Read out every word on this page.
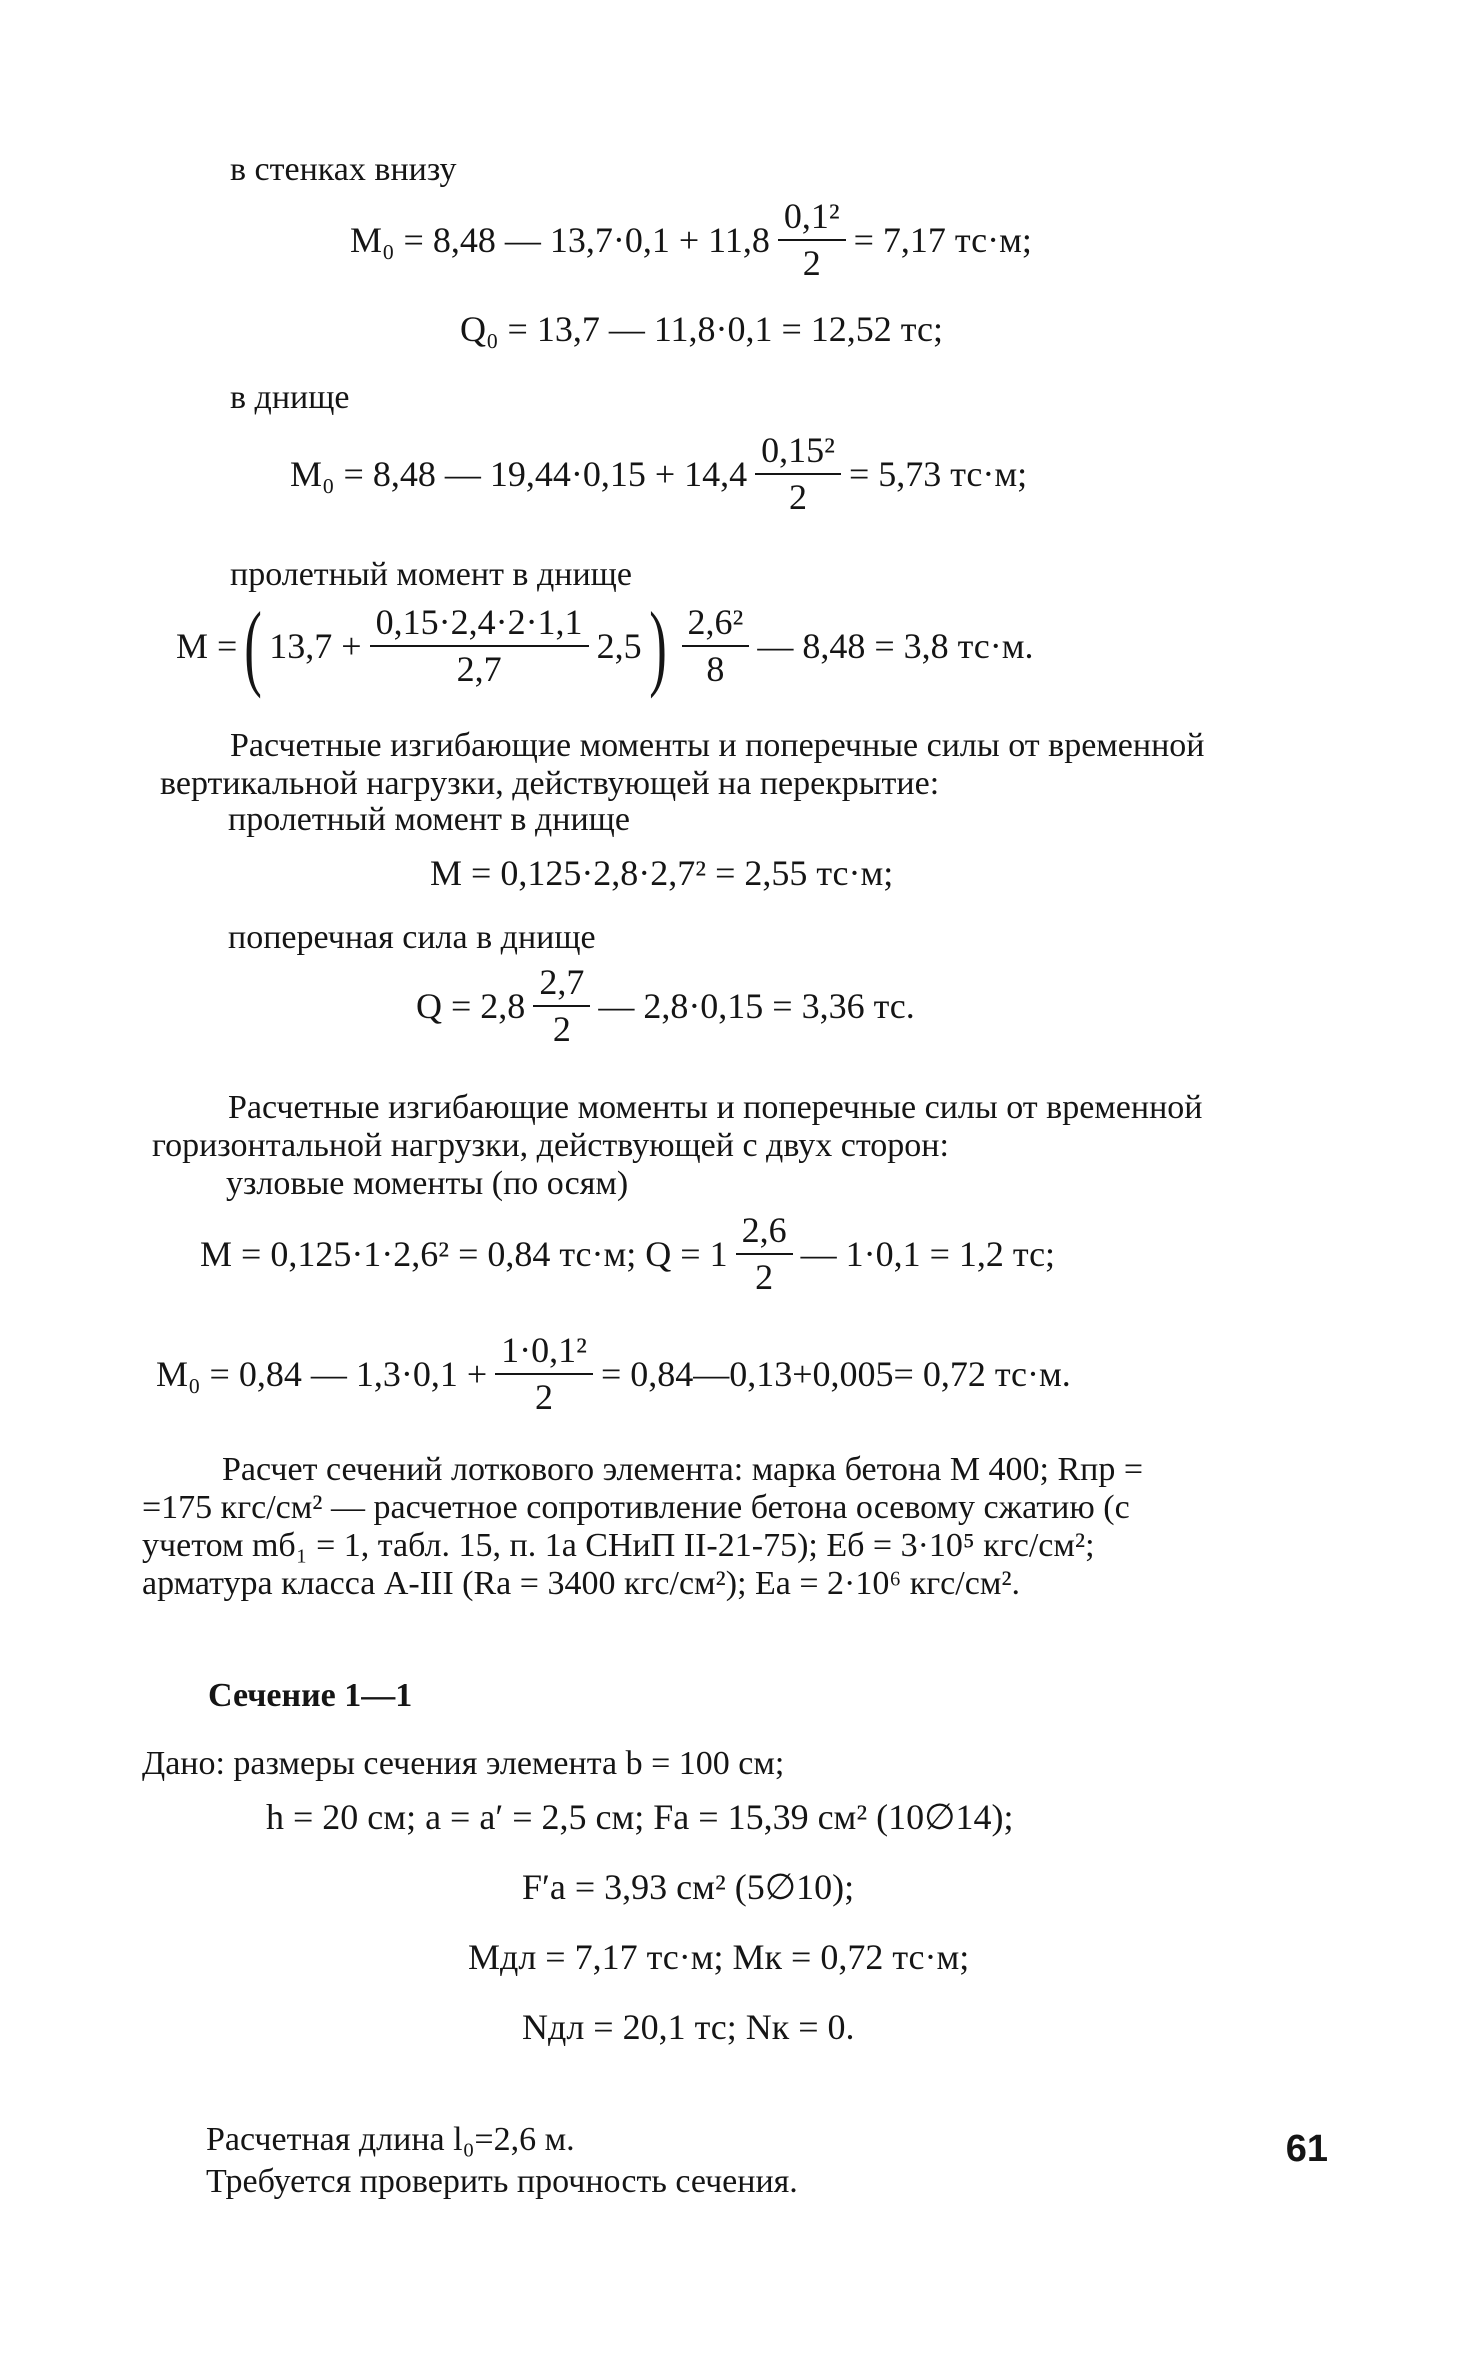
в стенках внизу
M₀ = 8,48 — $13,7\cdot 0,1 + 11,8 \frac{\text{0,1²}}{2} = 7,17$ тс·м;
Q₀ = 13,7 — 11,8·0,1 = 12,52 тс;
в днище
M₀ = 8,48 — $19,44\cdot 0,15 + 14,4 \frac{\text{0,15²}}{2} = 5,73$ тс·м;
пролетный момент в днище
M = ( $13,7 + \frac{0,15\cdot 2,4\cdot 2\cdot 1,1}{2,7} 2,5$ ) $\frac{\text{2,6²}}{8}$ — 8,48 = 3,8 тс·м.
Расчетные изгибающие моменты и поперечные силы от временной
вертикальной нагрузки, действующей на перекрытие:
пролетный момент в днище
M = 0,125·2,8·2,7² = 2,55 тс·м;
поперечная сила в днище
$Q = 2,8 \frac{2,7}{2}$ — 2,8·0,15 = 3,36 тс.
Расчетные изгибающие моменты и поперечные силы от временной
горизонтальной нагрузки, действующей с двух сторон:
узловые моменты (по осям)
M = 0,125·1·2,6² = 0,84 тс·м; $Q = 1 \frac{2,6}{2}$ — 1·0,1 = 1,2 тс;
M₀ = 0,84 — $1,3\cdot 0,1 + \frac{\text{1·0,1²}}{2}$ = 0,84—0,13+0,005= 0,72 тс·м.
Расчет сечений лоткового элемента: марка бетона М 400; Rпр =
=175 кгс/см² — расчетное сопротивление бетона осевому сжатию (с
учетом mб₁ = 1, табл. 15, п. 1а СНиП II-21-75); Eб = 3·10⁵ кгс/см²;
арматура класса А-III (Rа = 3400 кгс/см²); Eа = 2·10⁶ кгс/см².
Сечение 1—1
Дано: размеры сечения элемента b = 100 см;
h = 20 см; a = a′ = 2,5 см; Fа = 15,39 см² (10∅14);
F′а = 3,93 см² (5∅10);
Mдл = 7,17 тс·м; Mк = 0,72 тс·м;
Nдл = 20,1 тс; Nк = 0.
Расчетная длина l₀=2,6 м.
Требуется проверить прочность сечения.
61
